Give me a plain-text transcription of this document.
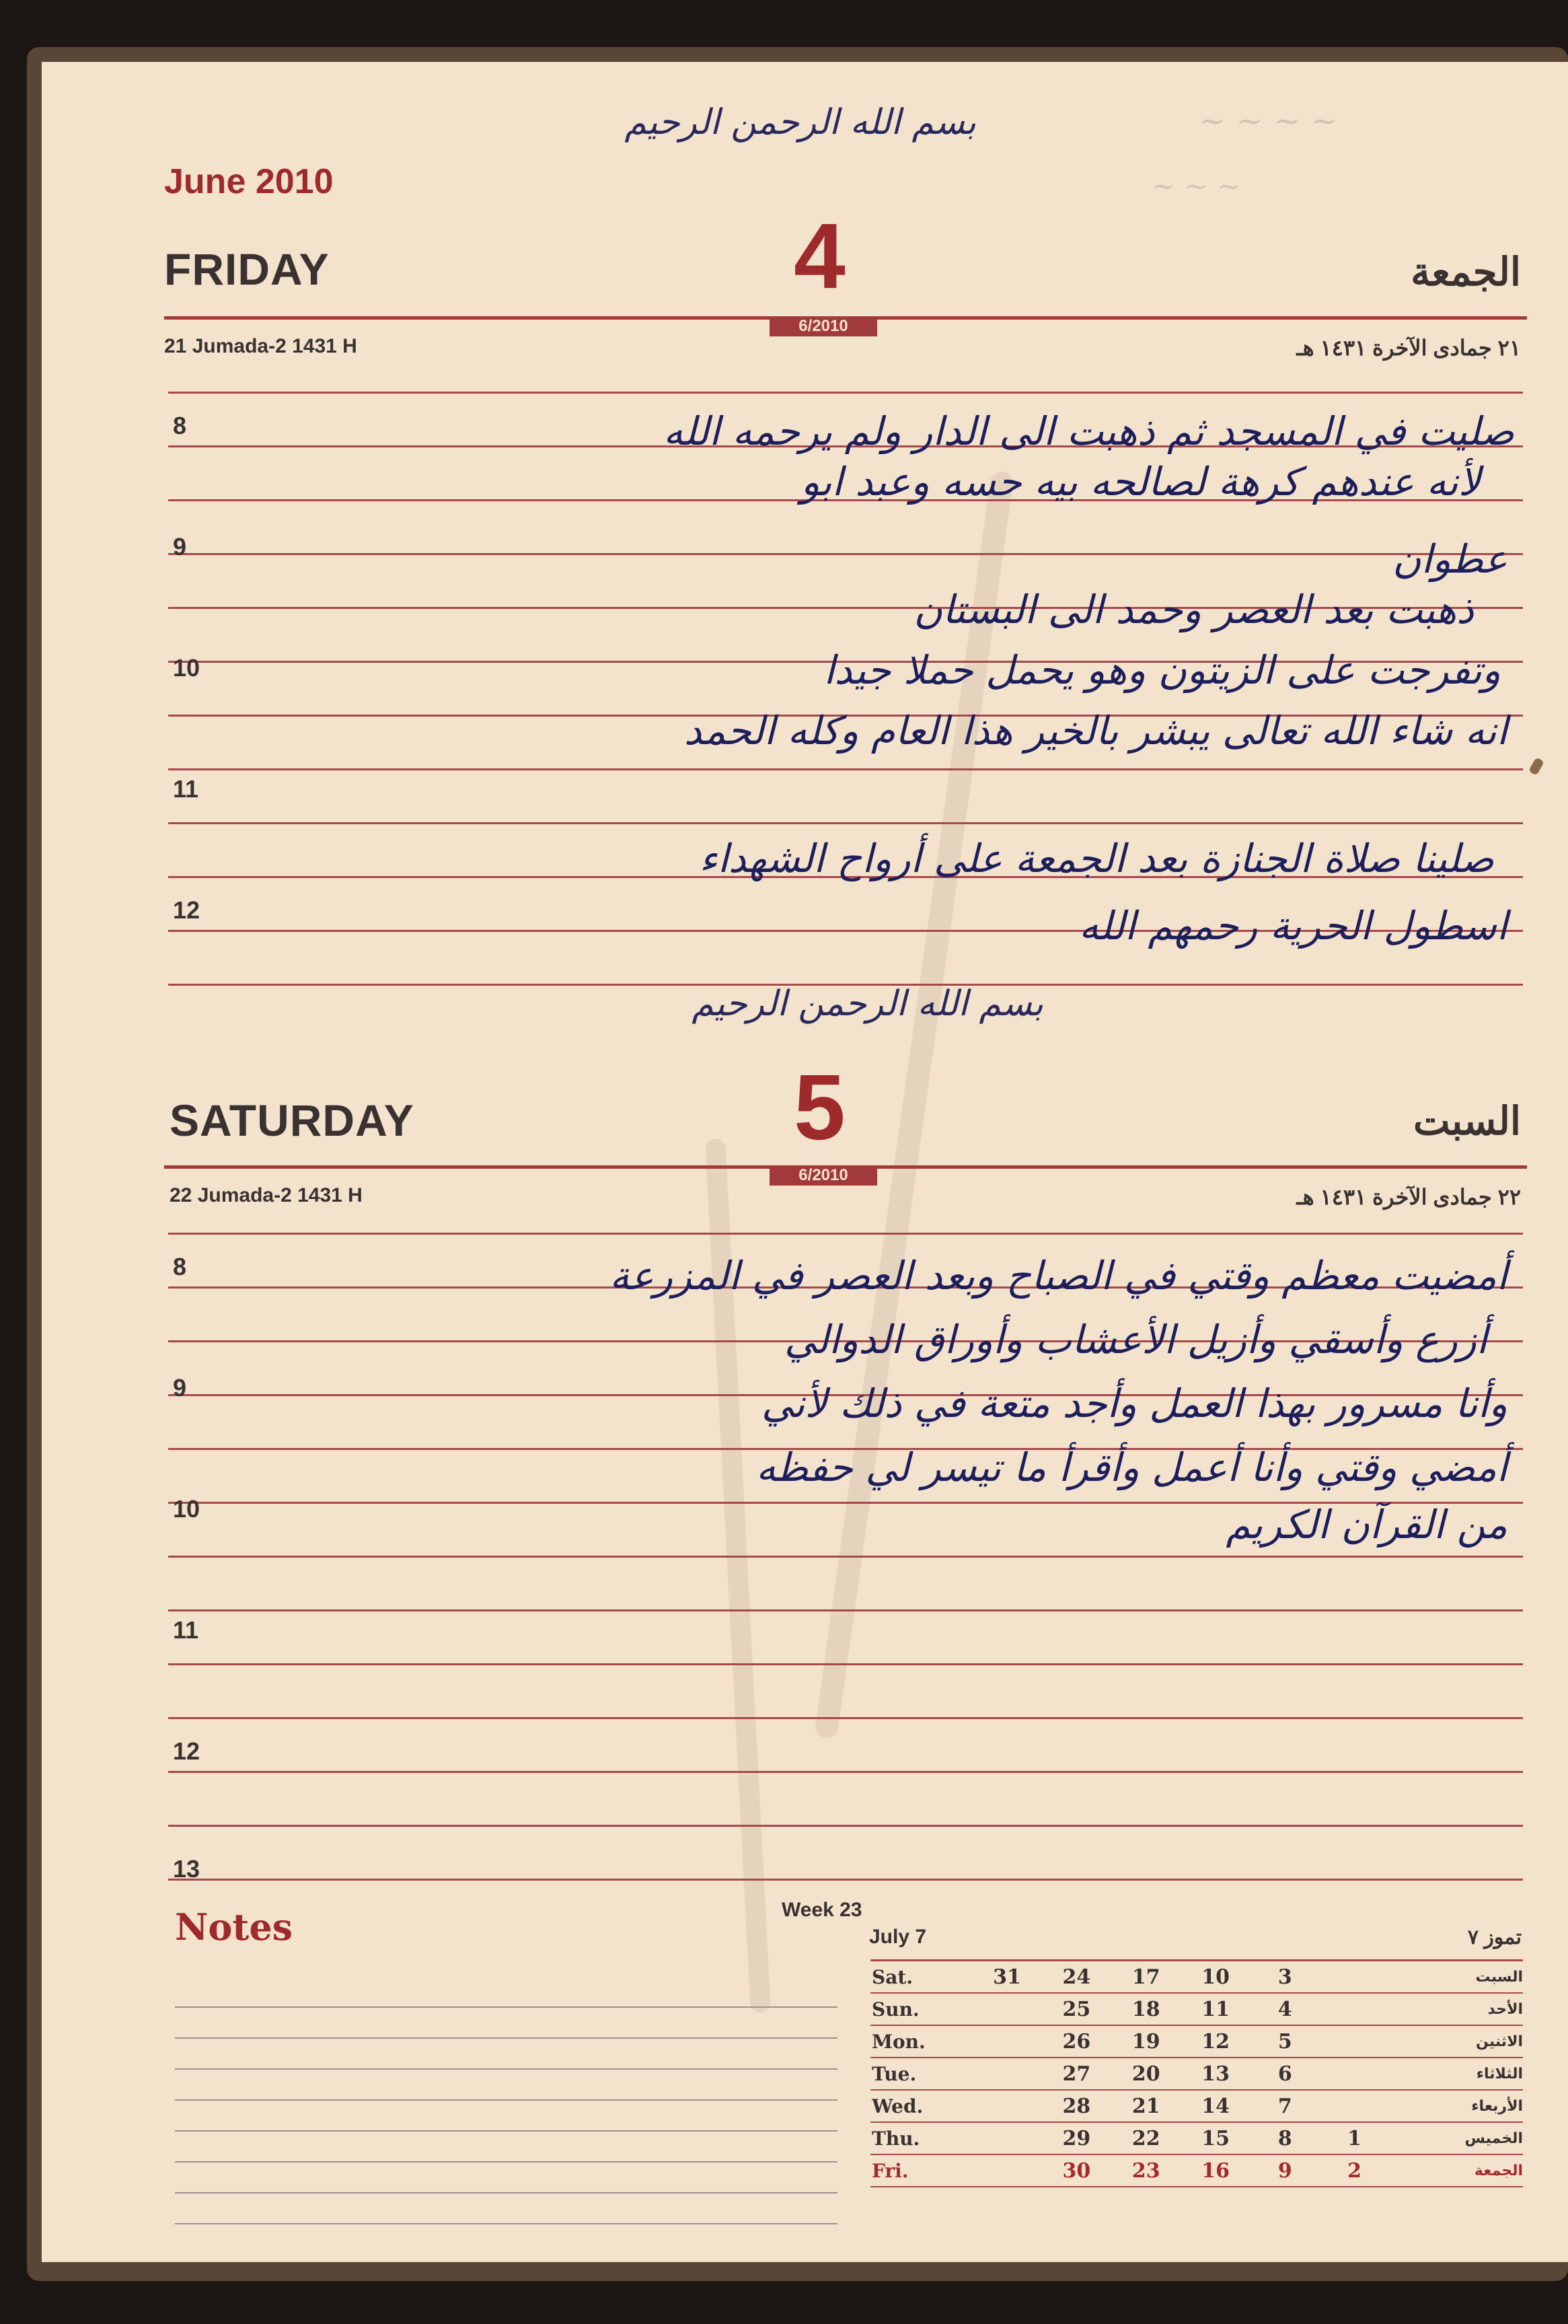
~ ~ ~ ~
~ ~ ~
June 2010
بسم الله الرحمن الرحيم
FRIDAY	4	الجمعة
6/2010
21 Jumada-2 1431 H	٢١ جمادى الآخرة ١٤٣١ هـ
8
9
10
11
12
صليت في المسجد ثم ذهبت الى الدار ولم يرحمه الله
لأنه عندهم كرهة لصالحه بيه حسه وعبد ابو
عطوان
ذهبت بعد العصر وحمد الى البستان
وتفرجت على الزيتون وهو يحمل حملا جيدا
انه شاء الله تعالى يبشر بالخير هذا العام وكله الحمد
صلينا صلاة الجنازة بعد الجمعة على أرواح الشهداء
اسطول الحرية رحمهم الله
بسم الله الرحمن الرحيم
SATURDAY	5	السبت
6/2010
22 Jumada-2 1431 H	٢٢ جمادى الآخرة ١٤٣١ هـ
8
9
10
11
12
13
أمضيت معظم وقتي في الصباح وبعد العصر في المزرعة
أزرع وأسقي وأزيل الأعشاب وأوراق الدوالي
وأنا مسرور بهذا العمل وأجد متعة في ذلك لأني
أمضي وقتي وأنا أعمل وأقرأ ما تيسر لي حفظه
من القرآن الكريم
Notes	Week 23
July 7	تموز ٧
Sat.	31	24	17	10	3		السبت
Sun.		25	18	11	4		الأحد
Mon.		26	19	12	5		الاثنين
Tue.		27	20	13	6		الثلاثاء
Wed.		28	21	14	7		الأربعاء
Thu.		29	22	15	8	1	الخميس
Fri.		30	23	16	9	2	الجمعة
